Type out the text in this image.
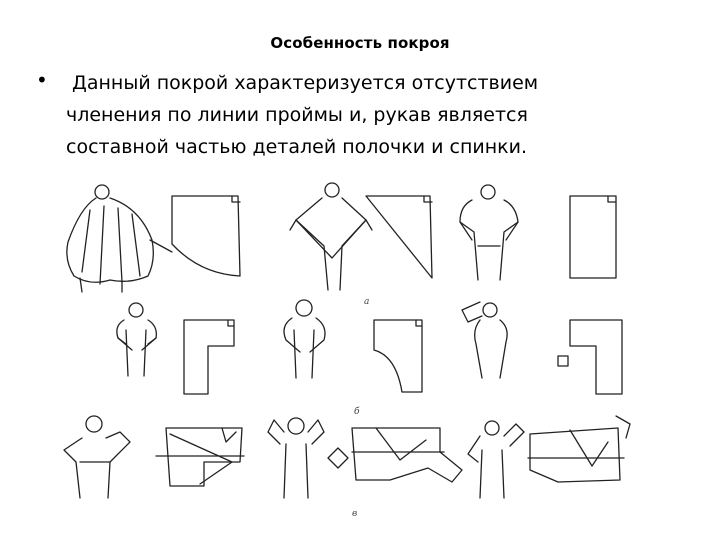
Особенность покроя
• Данный покрой характеризуется отсутствием
членения по линии проймы и, рукав является
составной частью деталей полочки и спинки.
а
б
в
